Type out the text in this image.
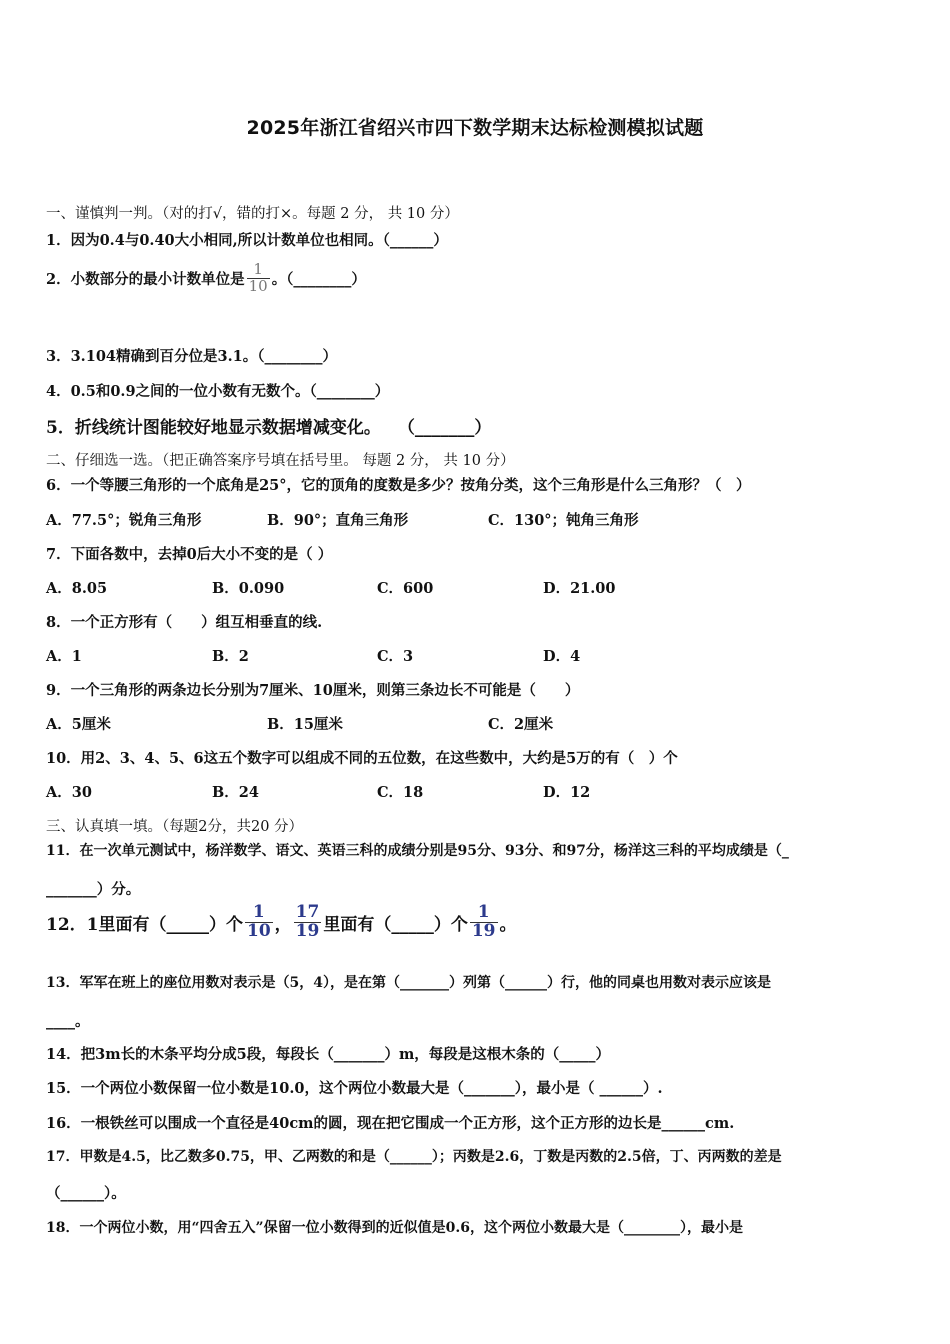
2025年浙江省绍兴市四下数学期末达标检测模拟试题
一、谨慎判一判。（对的打√，错的打×。每题 2 分， 共 10 分）
1．因为0.4与0.40大小相同,所以计数单位也相同。（______）
2．小数部分的最小计数单位是 $\frac{1}{10}$ 。（________）
3．3.104精确到百分位是3.1。（________）
4．0.5和0.9之间的一位小数有无数个。（________）
5．折线统计图能较好地显示数据增减变化。　　（_______）
二、仔细选一选。（把正确答案序号填在括号里。 每题 2 分， 共 10 分）
6．一个等腰三角形的一个底角是25°，它的顶角的度数是多少？按角分类，这个三角形是什么三角形？（　）
A．77.5°；锐角三角形	B．90°；直角三角形	C．130°；钝角三角形
7．下面各数中，去掉0后大小不变的是（ ）
A．8.05	B．0.090	C．600	D．21.00
8．一个正方形有（　　）组互相垂直的线.
A．1	B．2	C．3	D．4
9．一个三角形的两条边长分别为7厘米、10厘米，则第三条边长不可能是（　　）
A．5厘米	B．15厘米	C．2厘米
10．用2、3、4、5、6这五个数字可以组成不同的五位数，在这些数中，大约是5万的有（　）个
A．30	B．24	C．18	D．12
三、认真填一填。（每题2分，共20 分）
11．在一次单元测试中，杨洋数学、语文、英语三科的成绩分别是95分、93分、和97分，杨洋这三科的平均成绩是（_
_______）分。
12．1里面有（_____）个 $\frac{1}{10}$ ， $\frac{17}{19}$ 里面有（_____）个 $\frac{1}{19}$ 。
13．军军在班上的座位用数对表示是（5，4），是在第（_______）列第（______）行，他的同桌也用数对表示应该是
____。
14．把3m长的木条平均分成5段，每段长（_______）m，每段是这根木条的（_____）
15．一个两位小数保留一位小数是10.0，这个两位小数最大是（_______），最小是（ ______）.
16．一根铁丝可以围成一个直径是40cm的圆，现在把它围成一个正方形，这个正方形的边长是______cm.
17．甲数是4.5，比乙数多0.75，甲、乙两数的和是（______）；丙数是2.6，丁数是丙数的2.5倍，丁、丙两数的差是
（______）。
18．一个两位小数，用“四舍五入”保留一位小数得到的近似值是0.6，这个两位小数最大是（________），最小是
